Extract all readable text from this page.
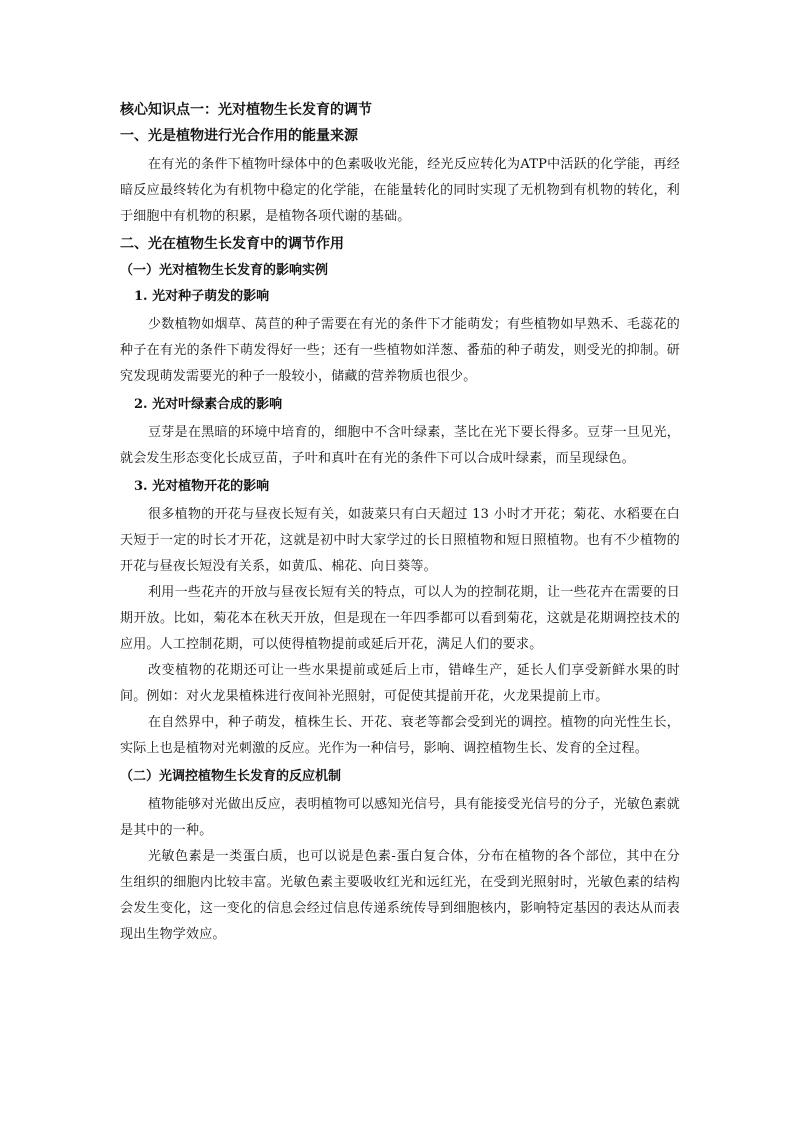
核心知识点一：光对植物生长发育的调节
一、光是植物进行光合作用的能量来源

在有光的条件下植物叶绿体中的色素吸收光能，经光反应转化为ATP中活跃的化学能，再经暗反应最终转化为有机物中稳定的化学能，在能量转化的同时实现了无机物到有机物的转化，利于细胞中有机物的积累，是植物各项代谢的基础。

二、光在植物生长发育中的调节作用
（一）光对植物生长发育的影响实例
1. 光对种子萌发的影响

少数植物如烟草、莴苣的种子需要在有光的条件下才能萌发；有些植物如早熟禾、毛蕊花的种子在有光的条件下萌发得好一些；还有一些植物如洋葱、番茄的种子萌发，则受光的抑制。研究发现萌发需要光的种子一般较小，储藏的营养物质也很少。

2. 光对叶绿素合成的影响

豆芽是在黑暗的环境中培育的，细胞中不含叶绿素，茎比在光下要长得多。豆芽一旦见光，就会发生形态变化长成豆苗，子叶和真叶在有光的条件下可以合成叶绿素，而呈现绿色。

3. 光对植物开花的影响

很多植物的开花与昼夜长短有关，如菠菜只有白天超过 13 小时才开花；菊花、水稻要在白天短于一定的时长才开花，这就是初中时大家学过的长日照植物和短日照植物。也有不少植物的开花与昼夜长短没有关系，如黄瓜、棉花、向日葵等。

利用一些花卉的开放与昼夜长短有关的特点，可以人为的控制花期，让一些花卉在需要的日期开放。比如，菊花本在秋天开放，但是现在一年四季都可以看到菊花，这就是花期调控技术的应用。人工控制花期，可以使得植物提前或延后开花，满足人们的要求。

改变植物的花期还可让一些水果提前或延后上市，错峰生产，延长人们享受新鲜水果的时间。例如：对火龙果植株进行夜间补光照射，可促使其提前开花，火龙果提前上市。

在自然界中，种子萌发，植株生长、开花、衰老等都会受到光的调控。植物的向光性生长，实际上也是植物对光刺激的反应。光作为一种信号，影响、调控植物生长、发育的全过程。

（二）光调控植物生长发育的反应机制

植物能够对光做出反应，表明植物可以感知光信号，具有能接受光信号的分子，光敏色素就是其中的一种。

光敏色素是一类蛋白质，也可以说是色素-蛋白复合体，分布在植物的各个部位，其中在分生组织的细胞内比较丰富。光敏色素主要吸收红光和远红光，在受到光照射时，光敏色素的结构会发生变化，这一变化的信息会经过信息传递系统传导到细胞核内，影响特定基因的表达从而表现出生物学效应。
